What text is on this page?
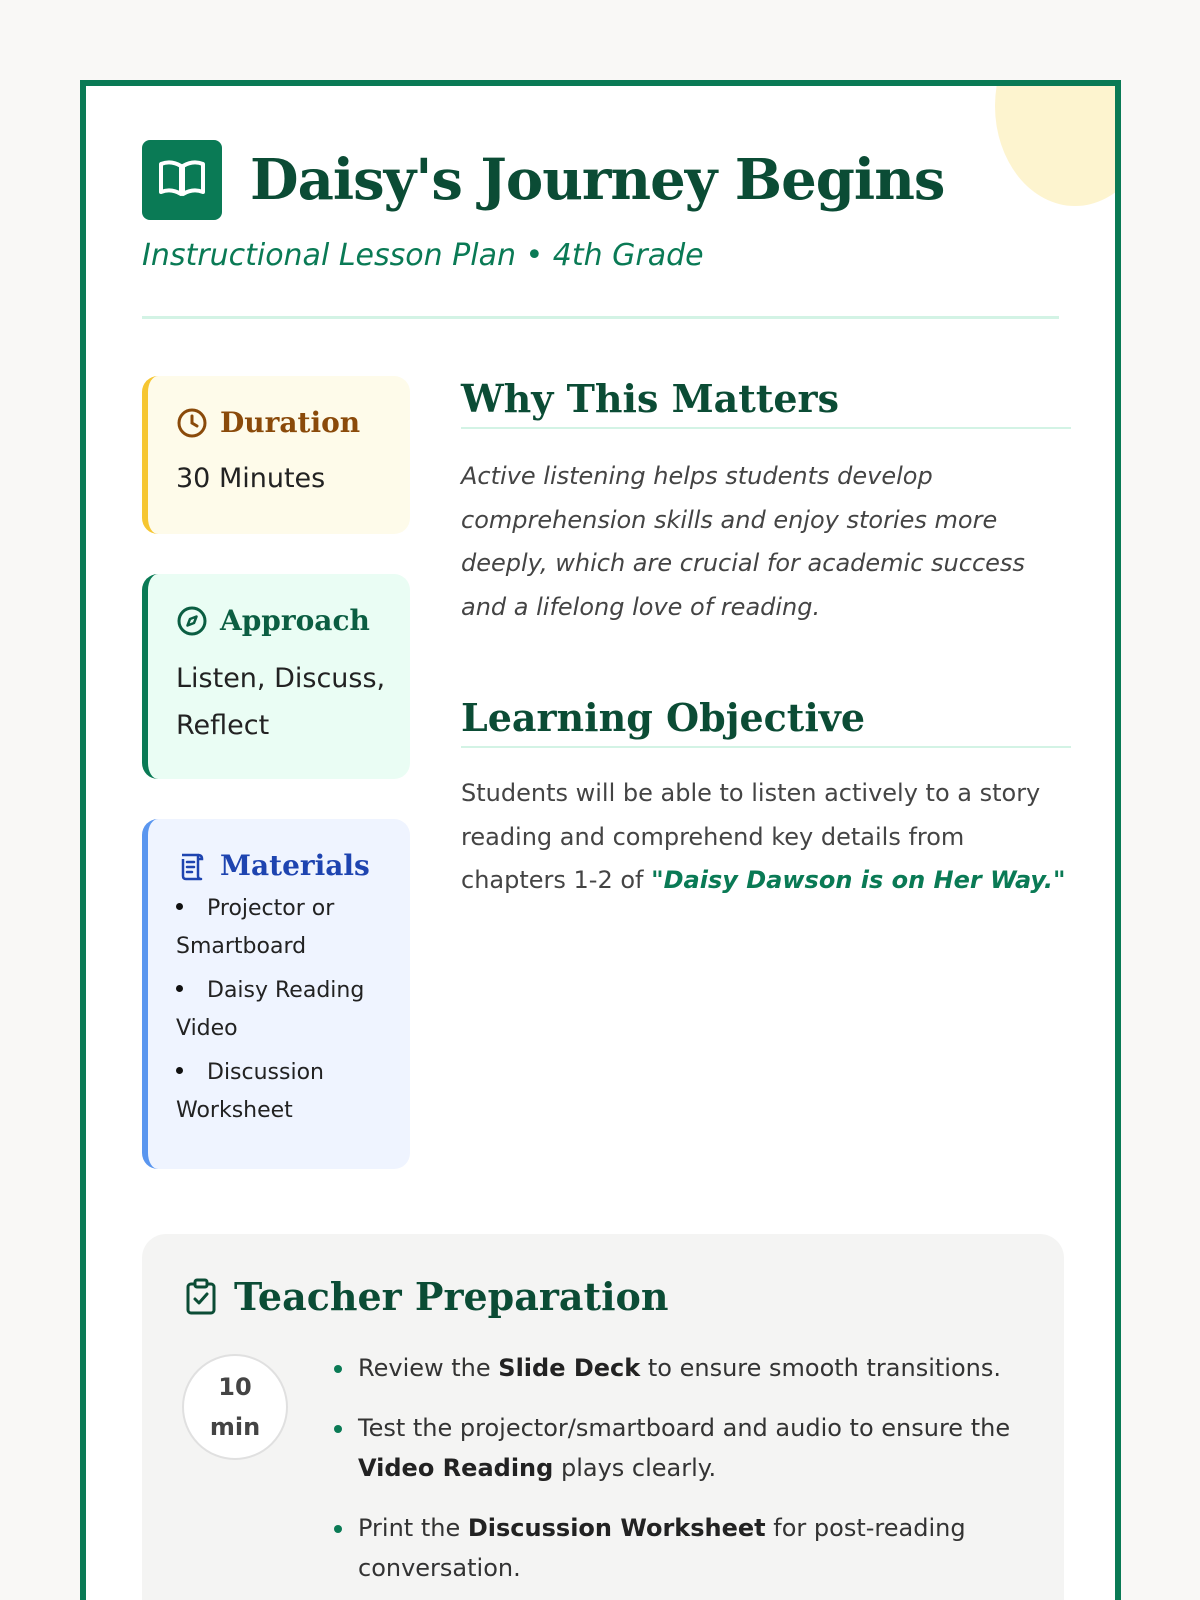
Daisy's Journey Begins
Instructional Lesson Plan • 4th Grade
Duration
30 Minutes
Approach
Listen, Discuss, Reflect
Materials
Projector or Smartboard
Daisy Reading Video
Discussion Worksheet
Why This Matters

Active listening helps students develop comprehension skills and enjoy stories more deeply, which are crucial for academic success and a lifelong love of reading.

Learning Objective

Students will be able to listen actively to a story reading and comprehend key details from chapters 1-2 of "Daisy Dawson is on Her Way."

Teacher Preparation
10
min
Review the Slide Deck to ensure smooth transitions.
Test the projector/smartboard and audio to ensure the Video Reading plays clearly.
Print the Discussion Worksheet for post-reading conversation.
